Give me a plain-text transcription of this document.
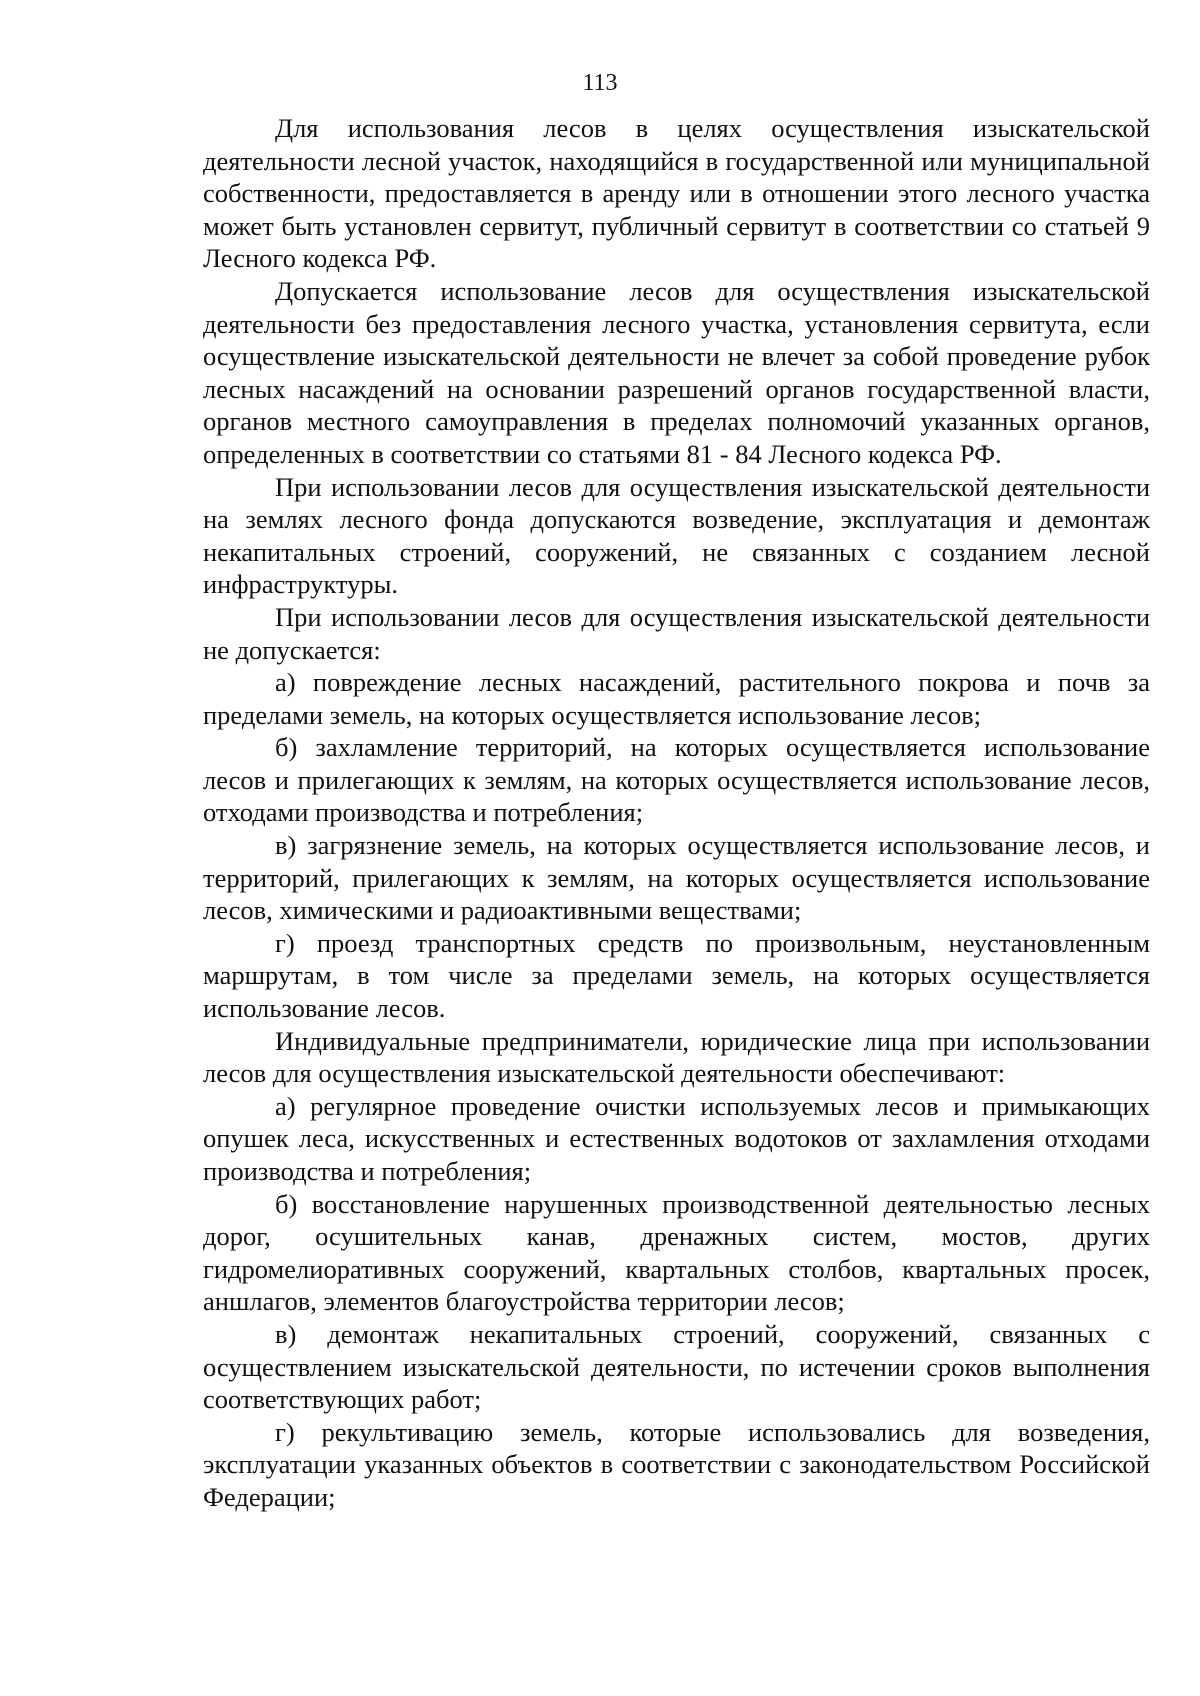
113

Для использования лесов в целях осуществления изыскательской деятельности лесной участок, находящийся в государственной или муниципальной собственности, предоставляется в аренду или в отношении этого лесного участка может быть установлен сервитут, публичный сервитут в соответствии со статьей 9 Лесного кодекса РФ.

Допускается использование лесов для осуществления изыскательской деятельности без предоставления лесного участка, установления сервитута, если осуществление изыскательской деятельности не влечет за собой проведение рубок лесных насаждений на основании разрешений органов государственной власти, органов местного самоуправления в пределах полномочий указанных органов, определенных в соответствии со статьями 81 - 84 Лесного кодекса РФ.

При использовании лесов для осуществления изыскательской деятельности на землях лесного фонда допускаются возведение, эксплуатация и демонтаж некапитальных строений, сооружений, не связанных с созданием лесной инфраструктуры.

При использовании лесов для осуществления изыскательской деятельности не допускается:

а) повреждение лесных насаждений, растительного покрова и почв за пределами земель, на которых осуществляется использование лесов;

б) захламление территорий, на которых осуществляется использование лесов и прилегающих к землям, на которых осуществляется использование лесов, отходами производства и потребления;

в) загрязнение земель, на которых осуществляется использование лесов, и территорий, прилегающих к землям, на которых осуществляется использование лесов, химическими и радиоактивными веществами;

г) проезд транспортных средств по произвольным, неустановленным маршрутам, в том числе за пределами земель, на которых осуществляется использование лесов.

Индивидуальные предприниматели, юридические лица при использовании лесов для осуществления изыскательской деятельности обеспечивают:

а) регулярное проведение очистки используемых лесов и примыкающих опушек леса, искусственных и естественных водотоков от захламления отходами производства и потребления;

б) восстановление нарушенных производственной деятельностью лесных дорог, осушительных канав, дренажных систем, мостов, других гидромелиоративных сооружений, квартальных столбов, квартальных просек, аншлагов, элементов благоустройства территории лесов;

в) демонтаж некапитальных строений, сооружений, связанных с осуществлением изыскательской деятельности, по истечении сроков выполнения соответствующих работ;

г) рекультивацию земель, которые использовались для возведения, эксплуатации указанных объектов в соответствии с законодательством Российской Федерации;
